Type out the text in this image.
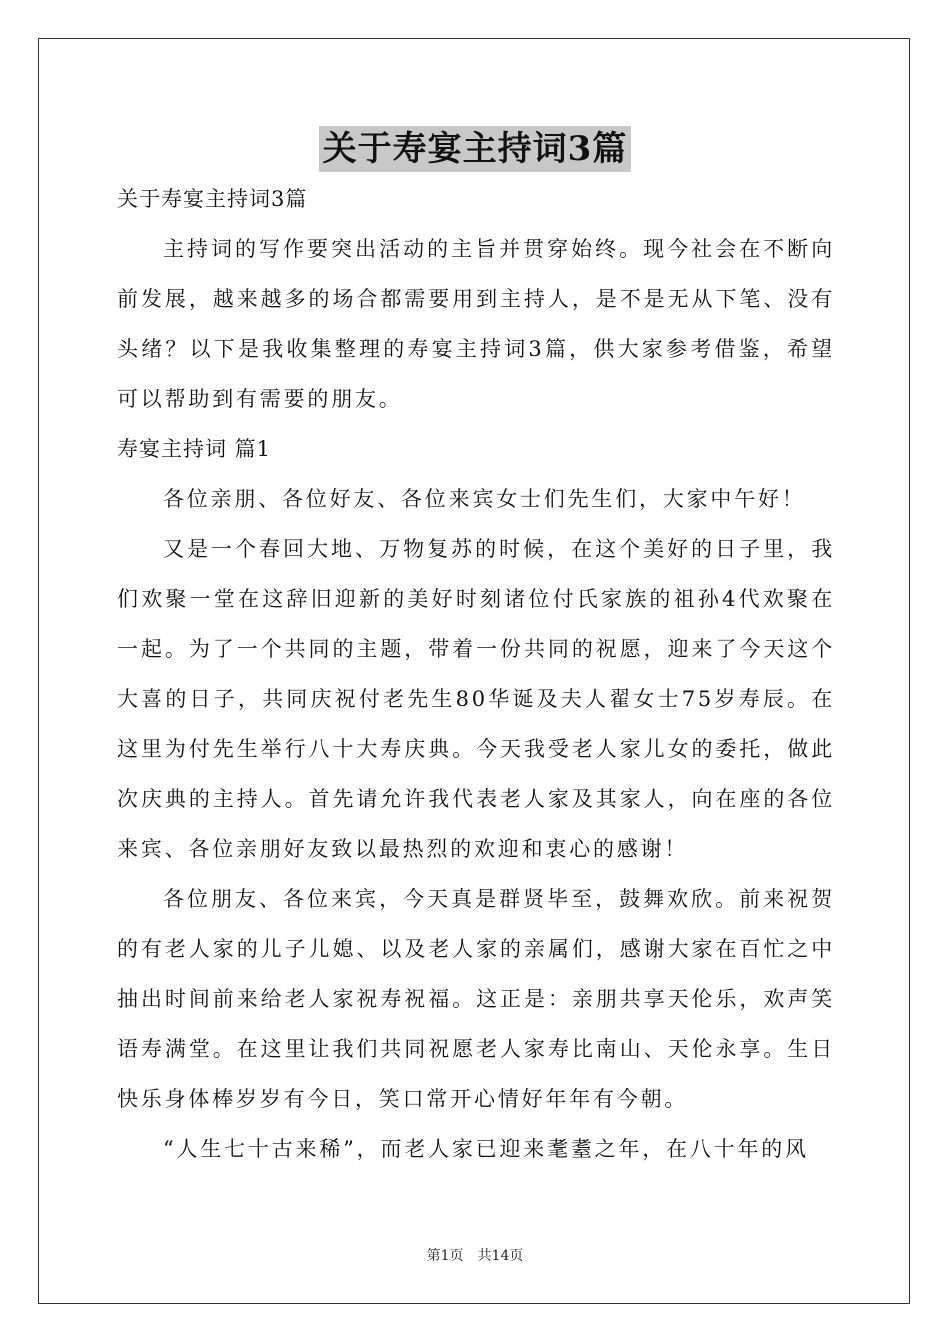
关于寿宴主持词3篇

关于寿宴主持词3篇

主持词的写作要突出活动的主旨并贯穿始终。现今社会在不断向前发展，越来越多的场合都需要用到主持人，是不是无从下笔、没有头绪？以下是我收集整理的寿宴主持词3篇，供大家参考借鉴，希望可以帮助到有需要的朋友。

寿宴主持词 篇1

各位亲朋、各位好友、各位来宾女士们先生们，大家中午好！

又是一个春回大地、万物复苏的时候，在这个美好的日子里，我们欢聚一堂在这辞旧迎新的美好时刻诸位付氏家族的祖孙4代欢聚在一起。为了一个共同的主题，带着一份共同的祝愿，迎来了今天这个大喜的日子，共同庆祝付老先生80华诞及夫人翟女士75岁寿辰。在这里为付先生举行八十大寿庆典。今天我受老人家儿女的委托，做此次庆典的主持人。首先请允许我代表老人家及其家人，向在座的各位来宾、各位亲朋好友致以最热烈的欢迎和衷心的感谢！

各位朋友、各位来宾，今天真是群贤毕至，鼓舞欢欣。前来祝贺的有老人家的儿子儿媳、以及老人家的亲属们，感谢大家在百忙之中抽出时间前来给老人家祝寿祝福。这正是：亲朋共享天伦乐，欢声笑语寿满堂。在这里让我们共同祝愿老人家寿比南山、天伦永享。生日快乐身体棒岁岁有今日，笑口常开心情好年年有今朝。

“人生七十古来稀”，而老人家已迎来耄耋之年，在八十年的风

第1页　共14页
